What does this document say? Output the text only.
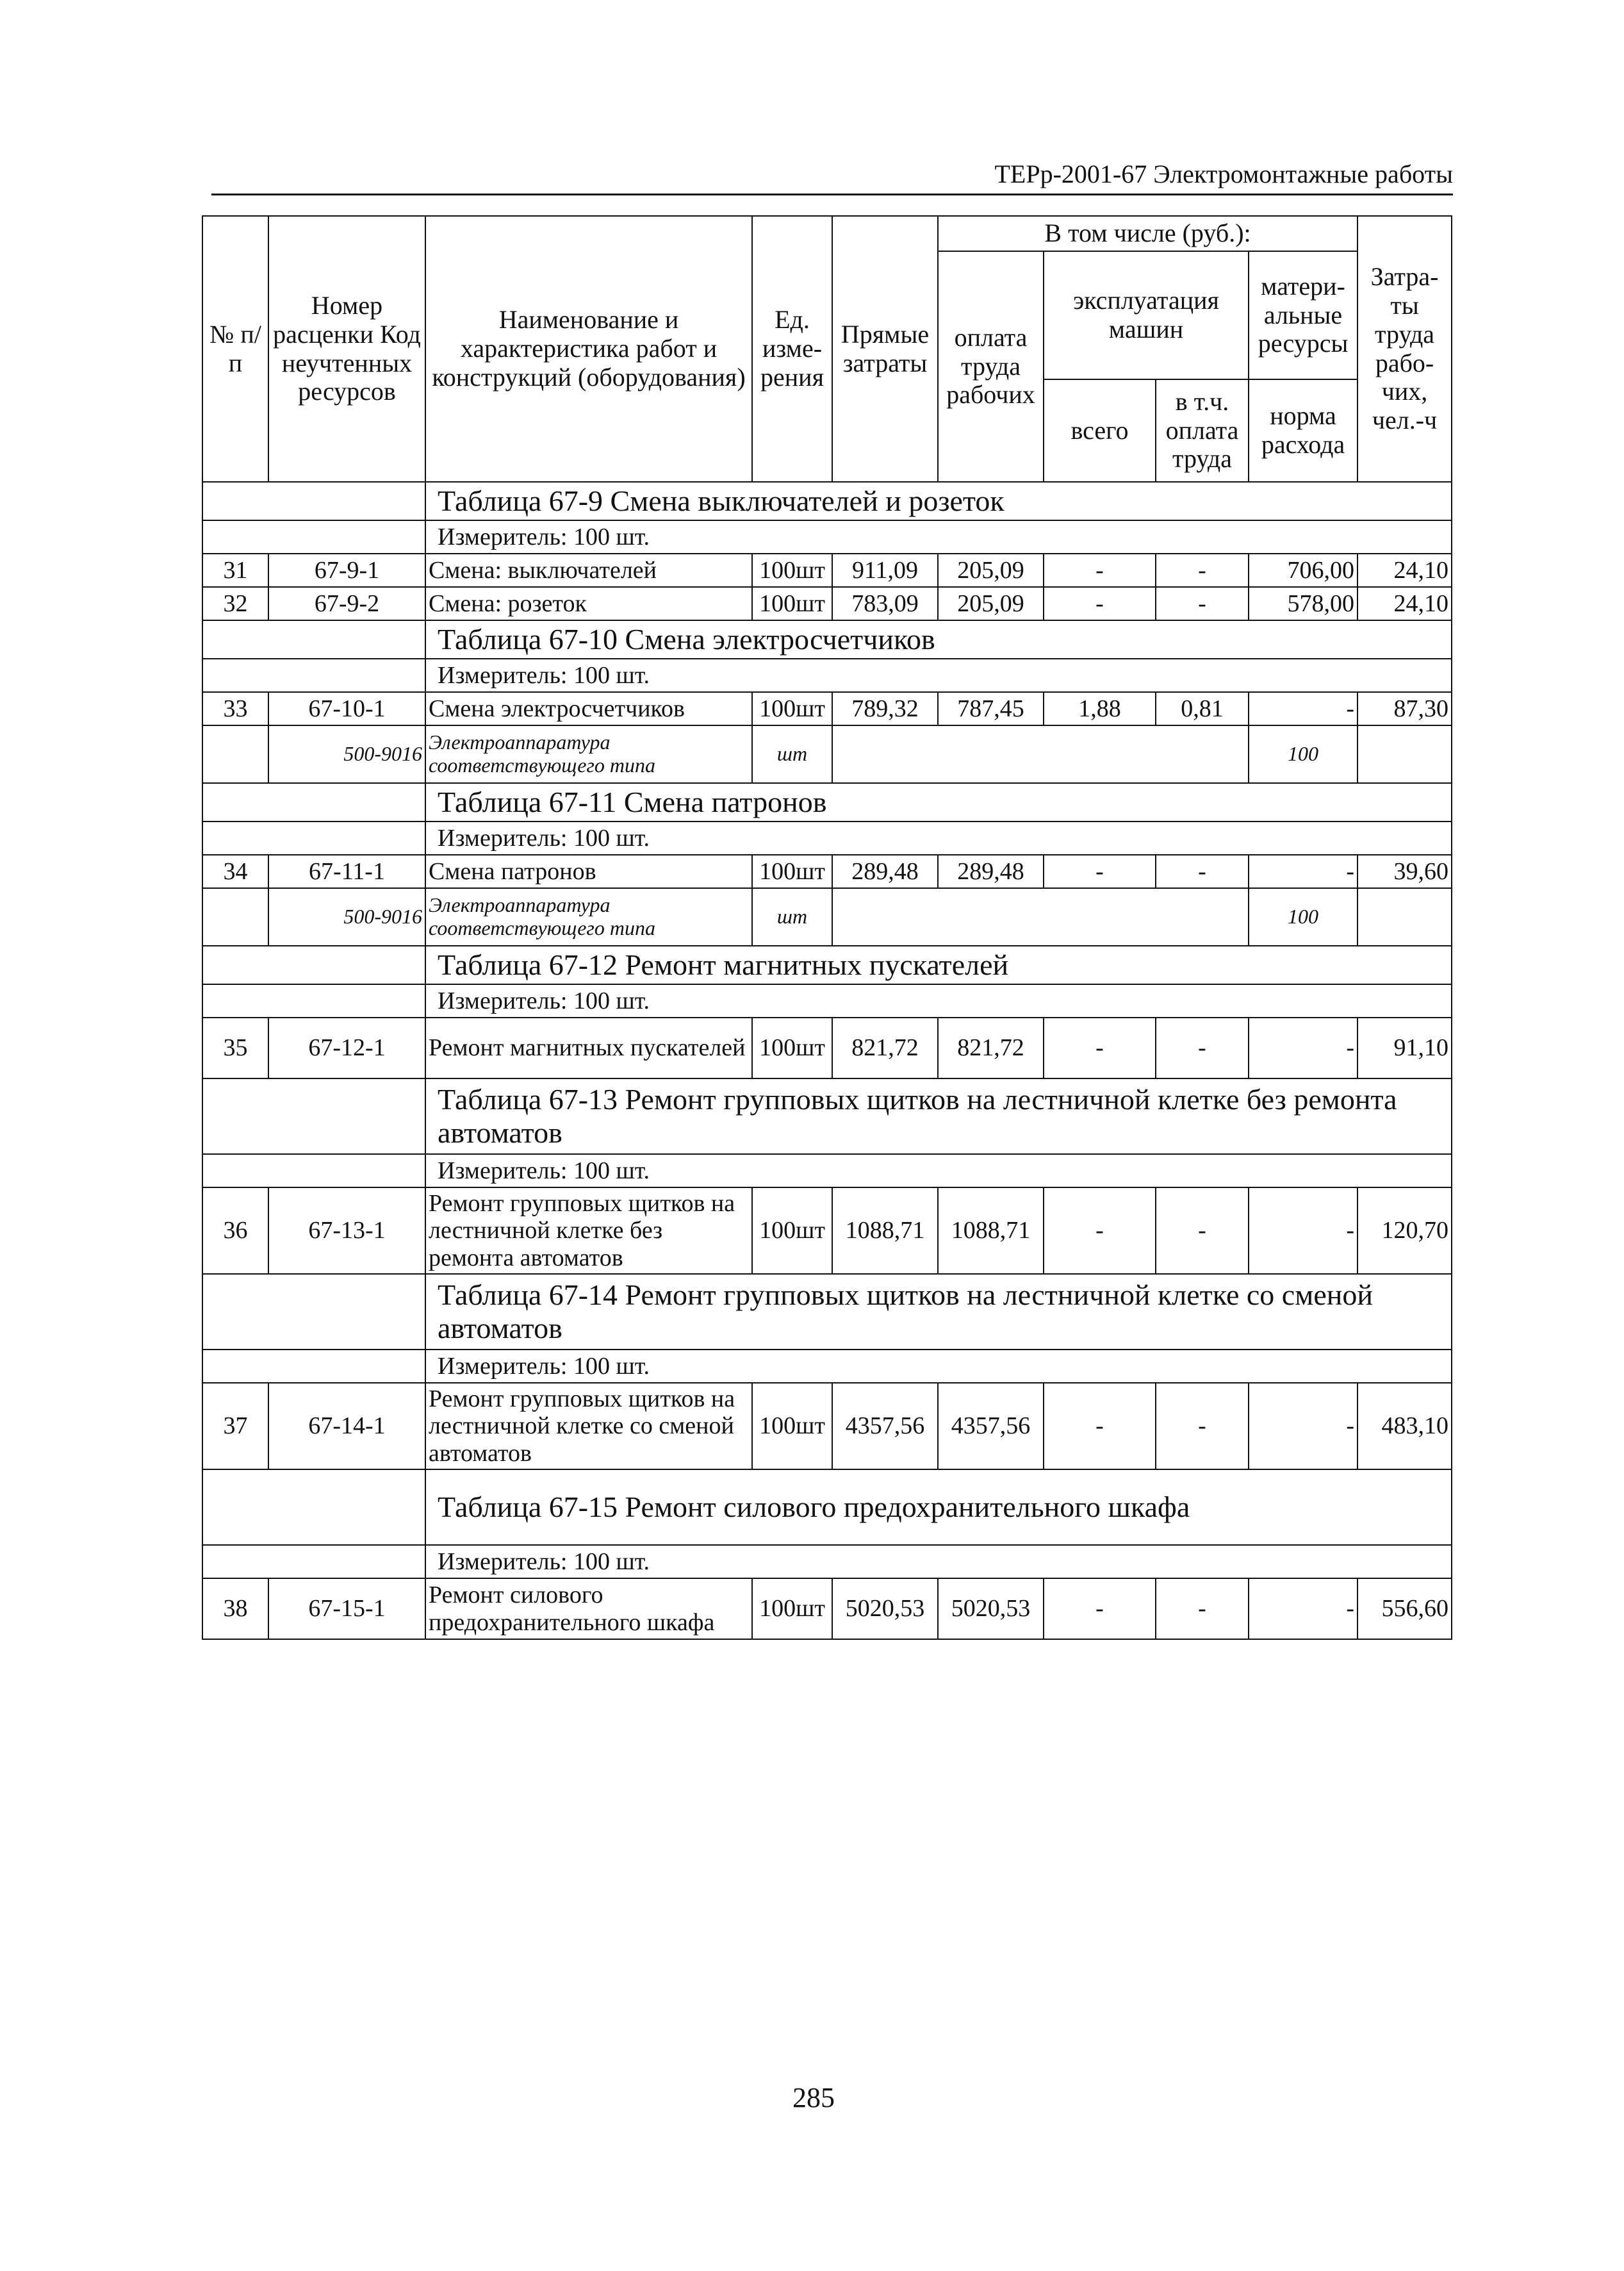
ТЕРр-2001-67 Электромонтажные работы
№ п/п	Номер расценки Код неучтенных ресурсов	Наименование и характеристика работ и конструкций (оборудования)	Ед. изме- рения	Прямые затраты	В том числе (руб.):				Затра- ты труда рабо- чих, чел.-ч
					оплата труда рабочих	эксплуатация машин		матери- альные ресурсы	
						всего	в т.ч. оплата труда	норма расхода	
		Таблица 67-9 Смена выключателей и розеток							
		Измеритель: 100 шт.							
31	67-9-1	Смена: выключателей	100шт	911,09	205,09	-	-	706,00	24,10
32	67-9-2	Смена: розеток	100шт	783,09	205,09	-	-	578,00	24,10
		Таблица 67-10 Смена электросчетчиков							
		Измеритель: 100 шт.							
33	67-10-1	Смена электросчетчиков	100шт	789,32	787,45	1,88	0,81	-	87,30
	500-9016	Электроаппаратура соответствующего типа	шт					100	
		Таблица 67-11 Смена патронов							
		Измеритель: 100 шт.							
34	67-11-1	Смена патронов	100шт	289,48	289,48	-	-	-	39,60
	500-9016	Электроаппаратура соответствующего типа	шт					100	
		Таблица 67-12 Ремонт магнитных пускателей							
		Измеритель: 100 шт.							
35	67-12-1	Ремонт магнитных пускателей	100шт	821,72	821,72	-	-	-	91,10
		Таблица 67-13 Ремонт групповых щитков на лестничной клетке без ремонта автоматов							
		Измеритель: 100 шт.							
36	67-13-1	Ремонт групповых щитков на лестничной клетке без ремонта автоматов	100шт	1088,71	1088,71	-	-	-	120,70
		Таблица 67-14 Ремонт групповых щитков на лестничной клетке со сменой автоматов							
		Измеритель: 100 шт.							
37	67-14-1	Ремонт групповых щитков на лестничной клетке со сменой автоматов	100шт	4357,56	4357,56	-	-	-	483,10
		Таблица 67-15 Ремонт силового предохранительного шкафа							
		Измеритель: 100 шт.							
38	67-15-1	Ремонт силового предохранительного шкафа	100шт	5020,53	5020,53	-	-	-	556,60
285
